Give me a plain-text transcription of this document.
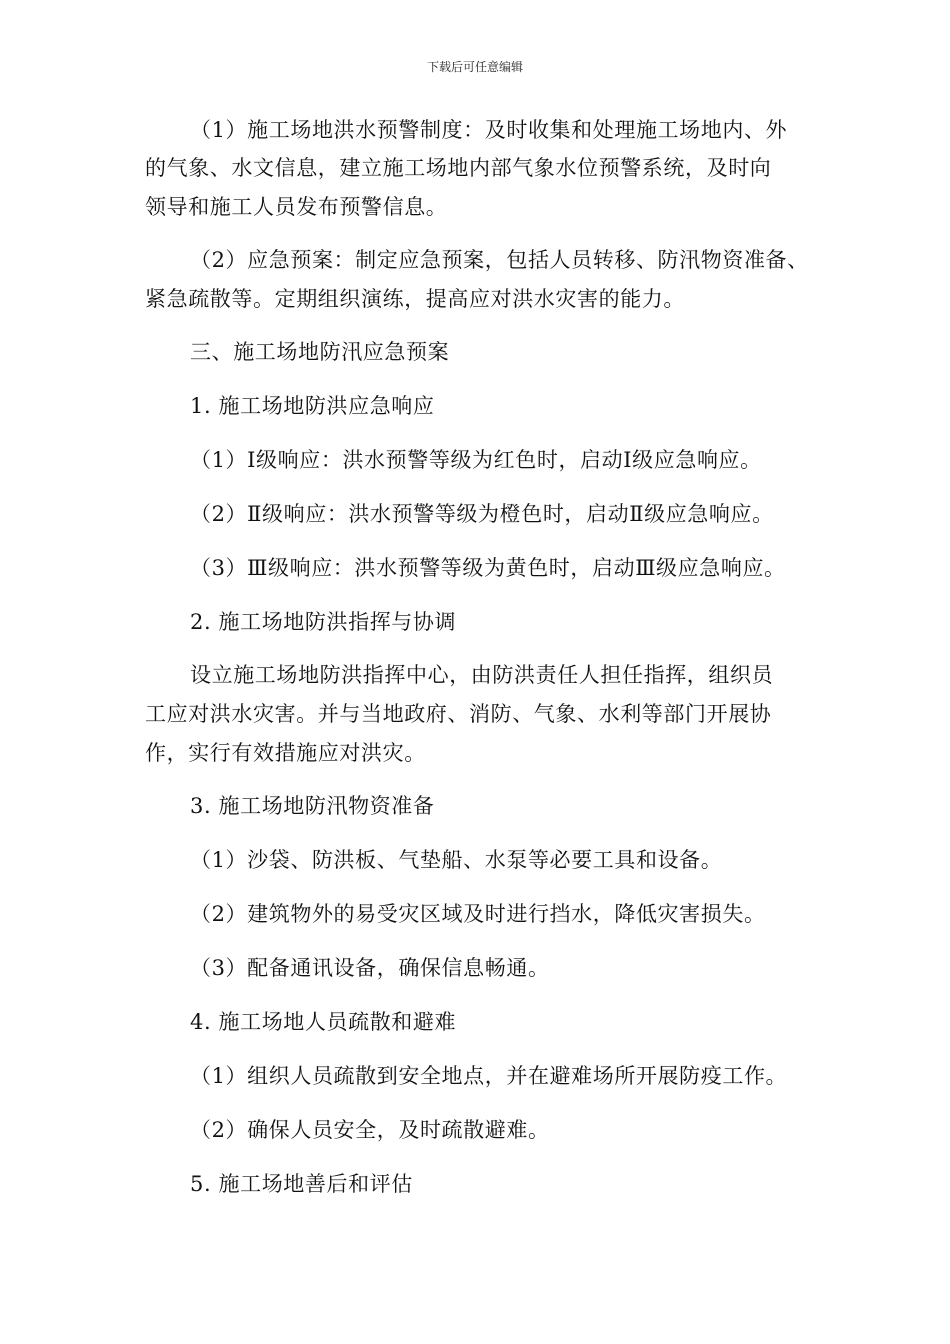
下载后可任意编辑
（1）施工场地洪水预警制度：及时收集和处理施工场地内、外
的气象、水文信息，建立施工场地内部气象水位预警系统，及时向
领导和施工人员发布预警信息。
（2）应急预案：制定应急预案，包括人员转移、防汛物资准备、
紧急疏散等。定期组织演练，提高应对洪水灾害的能力。
三、施工场地防汛应急预案
1. 施工场地防洪应急响应
（1）Ⅰ级响应：洪水预警等级为红色时，启动Ⅰ级应急响应。
（2）Ⅱ级响应：洪水预警等级为橙色时，启动Ⅱ级应急响应。
（3）Ⅲ级响应：洪水预警等级为黄色时，启动Ⅲ级应急响应。
2. 施工场地防洪指挥与协调
设立施工场地防洪指挥中心，由防洪责任人担任指挥，组织员
工应对洪水灾害。并与当地政府、消防、气象、水利等部门开展协
作，实行有效措施应对洪灾。
3. 施工场地防汛物资准备
（1）沙袋、防洪板、气垫船、水泵等必要工具和设备。
（2）建筑物外的易受灾区域及时进行挡水，降低灾害损失。
（3）配备通讯设备，确保信息畅通。
4. 施工场地人员疏散和避难
（1）组织人员疏散到安全地点，并在避难场所开展防疫工作。
（2）确保人员安全，及时疏散避难。
5. 施工场地善后和评估
